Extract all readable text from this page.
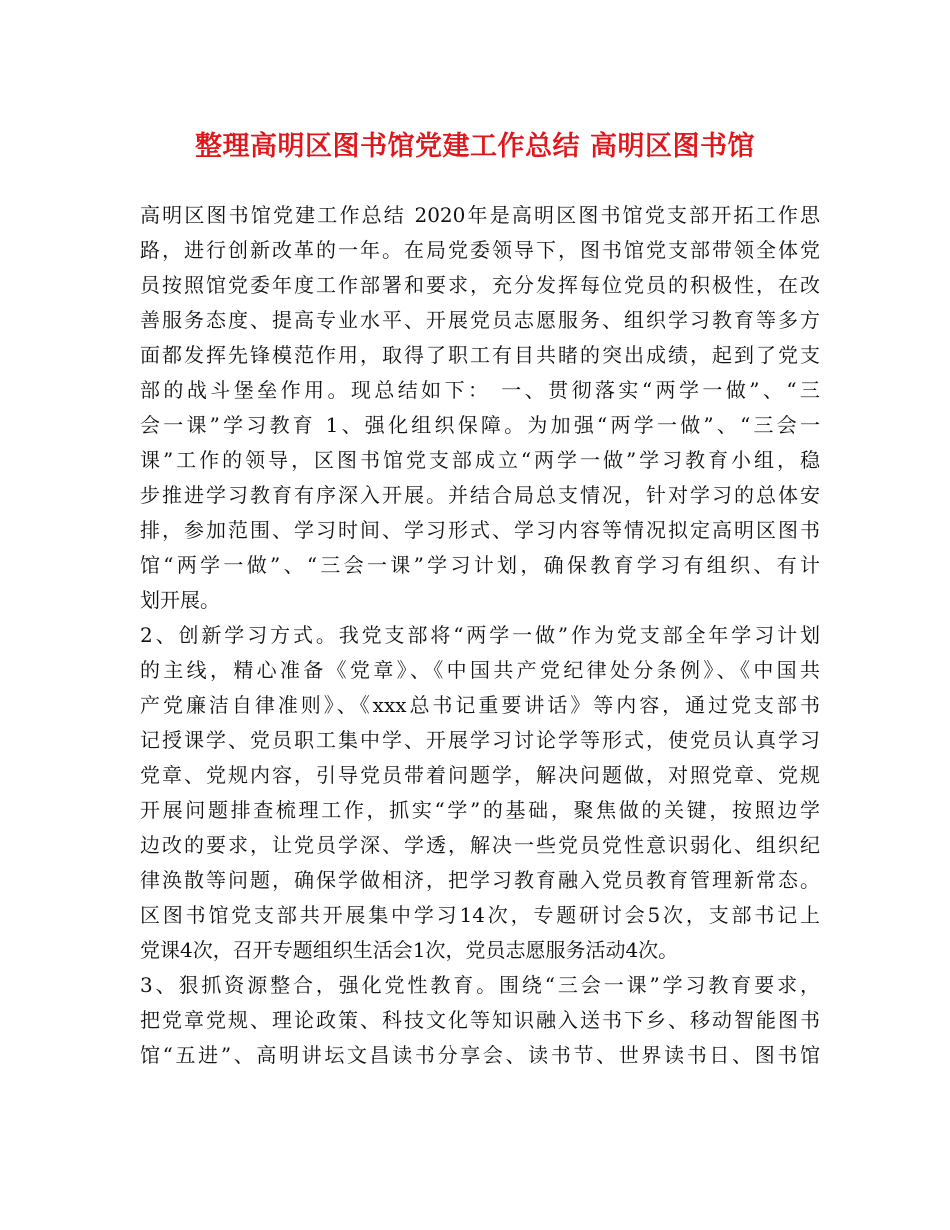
整理高明区图书馆党建工作总结 高明区图书馆
高明区图书馆党建工作总结 2020年是高明区图书馆党支部开拓工作思
路，进行创新改革的一年。在局党委领导下，图书馆党支部带领全体党
员按照馆党委年度工作部署和要求，充分发挥每位党员的积极性，在改
善服务态度、提高专业水平、开展党员志愿服务、组织学习教育等多方
面都发挥先锋模范作用，取得了职工有目共睹的突出成绩，起到了党支
部的战斗堡垒作用。现总结如下： 一、贯彻落实“两学一做”、“三
会一课”学习教育 1、强化组织保障。为加强“两学一做”、“三会一
课”工作的领导，区图书馆党支部成立“两学一做”学习教育小组，稳
步推进学习教育有序深入开展。并结合局总支情况，针对学习的总体安
排，参加范围、学习时间、学习形式、学习内容等情况拟定高明区图书
馆“两学一做”、“三会一课”学习计划，确保教育学习有组织、有计
划开展。
2、创新学习方式。我党支部将“两学一做”作为党支部全年学习计划
的主线，精心准备《党章》、《中国共产党纪律处分条例》、《中国共
产党廉洁自律准则》、《xxx总书记重要讲话》等内容，通过党支部书
记授课学、党员职工集中学、开展学习讨论学等形式，使党员认真学习
党章、党规内容，引导党员带着问题学，解决问题做，对照党章、党规
开展问题排查梳理工作，抓实“学”的基础，聚焦做的关键，按照边学
边改的要求，让党员学深、学透，解决一些党员党性意识弱化、组织纪
律涣散等问题，确保学做相济，把学习教育融入党员教育管理新常态。
区图书馆党支部共开展集中学习14次，专题研讨会5次，支部书记上
党课4次，召开专题组织生活会1次，党员志愿服务活动4次。
3、狠抓资源整合，强化党性教育。围绕“三会一课”学习教育要求，
把党章党规、理论政策、科技文化等知识融入送书下乡、移动智能图书
馆“五进”、高明讲坛文昌读书分享会、读书节、世界读书日、图书馆
